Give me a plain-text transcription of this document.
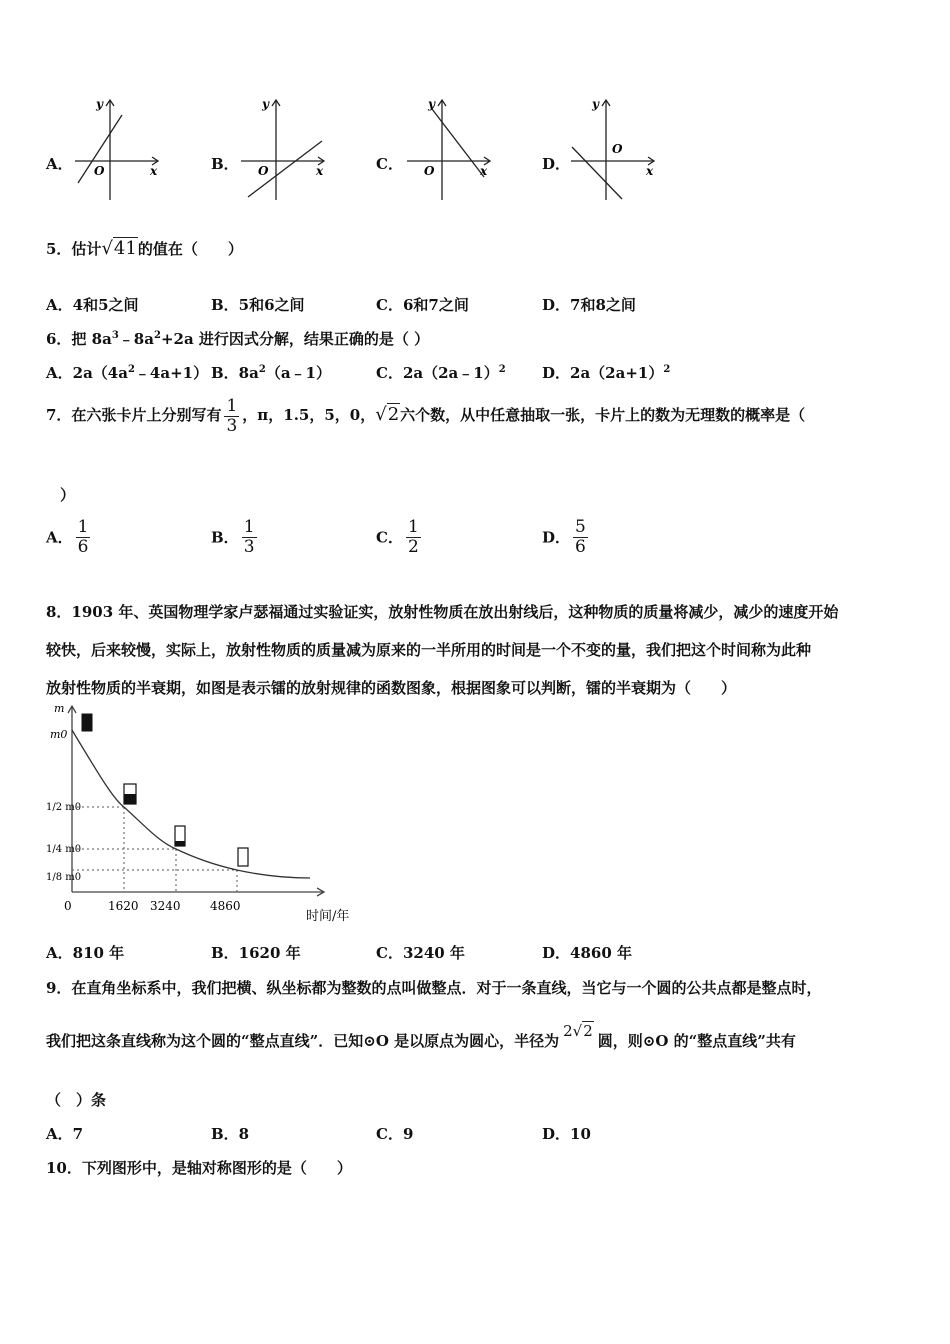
A．
y
x
O	B．
y
x
O	C．
y
x
O	D．
y
x
O
5．估计√41的值在（　　）
A．4和5之间	B．5和6之间	C．6和7之间	D．7和8之间
6．把 $8a^3﹣8a^2+2a$ 进行因式分解，结果正确的是（ ）
A．$2a(4a^2﹣4a+1)$ B．$8a^2(a﹣1)$	C．2a（2a﹣1）$^2$ D．$2a(2a+1)^2$
7．在六张卡片上分别写有 $\frac{1}{3}$ ，π，1.5，5，0，√2六个数，从中任意抽取一张，卡片上的数为无理数的概率是（
）
A． $\frac{1}{6}$	B． $\frac{1}{3}$	C． $\frac{1}{2}$	D． $\frac{5}{6}$
8．1903 年、英国物理学家卢瑟福通过实验证实，放射性物质在放出射线后，这种物质的质量将减少，减少的速度开始
较快，后来较慢，实际上，放射性物质的质量减为原来的一半所用的时间是一个不变的量，我们把这个时间称为此种
放射性物质的半衰期，如图是表示镭的放射规律的函数图象，根据图象可以判断，镭的半衰期为（　　）
m
m0
1/2 m0
1/4 m0
1/8 m0
0	1620 3240 4860
时间/年
A．810 年	B．1620 年	C．3240 年	D．4860 年
9．在直角坐标系中，我们把横、纵坐标都为整数的点叫做整点．对于一条直线，当它与一个圆的公共点都是整点时，
我们把这条直线称为这个圆的“整点直线”．已知⊙O 是以原点为圆心，半径为2√2圆，则⊙O 的“整点直线”共有
（　）条
A．7	B．8	C．9	D．10
10．下列图形中，是轴对称图形的是（　　）
